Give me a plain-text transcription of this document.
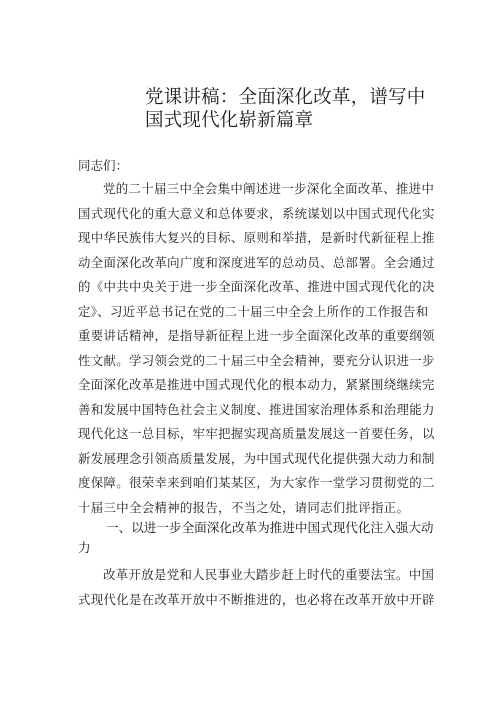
党课讲稿：全面深化改革，谱写中
国式现代化崭新篇章
同志们：
党的二十届三中全会集中阐述进一步深化全面改革、推进中
国式现代化的重大意义和总体要求，系统谋划以中国式现代化实
现中华民族伟大复兴的目标、原则和举措，是新时代新征程上推
动全面深化改革向广度和深度进军的总动员、总部署。全会通过
的《中共中央关于进一步全面深化改革、推进中国式现代化的决
定》、习近平总书记在党的二十届三中全会上所作的工作报告和
重要讲话精神，是指导新征程上进一步全面深化改革的重要纲领
性文献。学习领会党的二十届三中全会精神，要充分认识进一步
全面深化改革是推进中国式现代化的根本动力，紧紧围绕继续完
善和发展中国特色社会主义制度、推进国家治理体系和治理能力
现代化这一总目标，牢牢把握实现高质量发展这一首要任务，以
新发展理念引领高质量发展，为中国式现代化提供强大动力和制
度保障。很荣幸来到咱们某某区，为大家作一堂学习贯彻党的二
十届三中全会精神的报告，不当之处，请同志们批评指正。
一、以进一步全面深化改革为推进中国式现代化注入强大动
力
改革开放是党和人民事业大踏步赶上时代的重要法宝。中国
式现代化是在改革开放中不断推进的，也必将在改革开放中开辟
